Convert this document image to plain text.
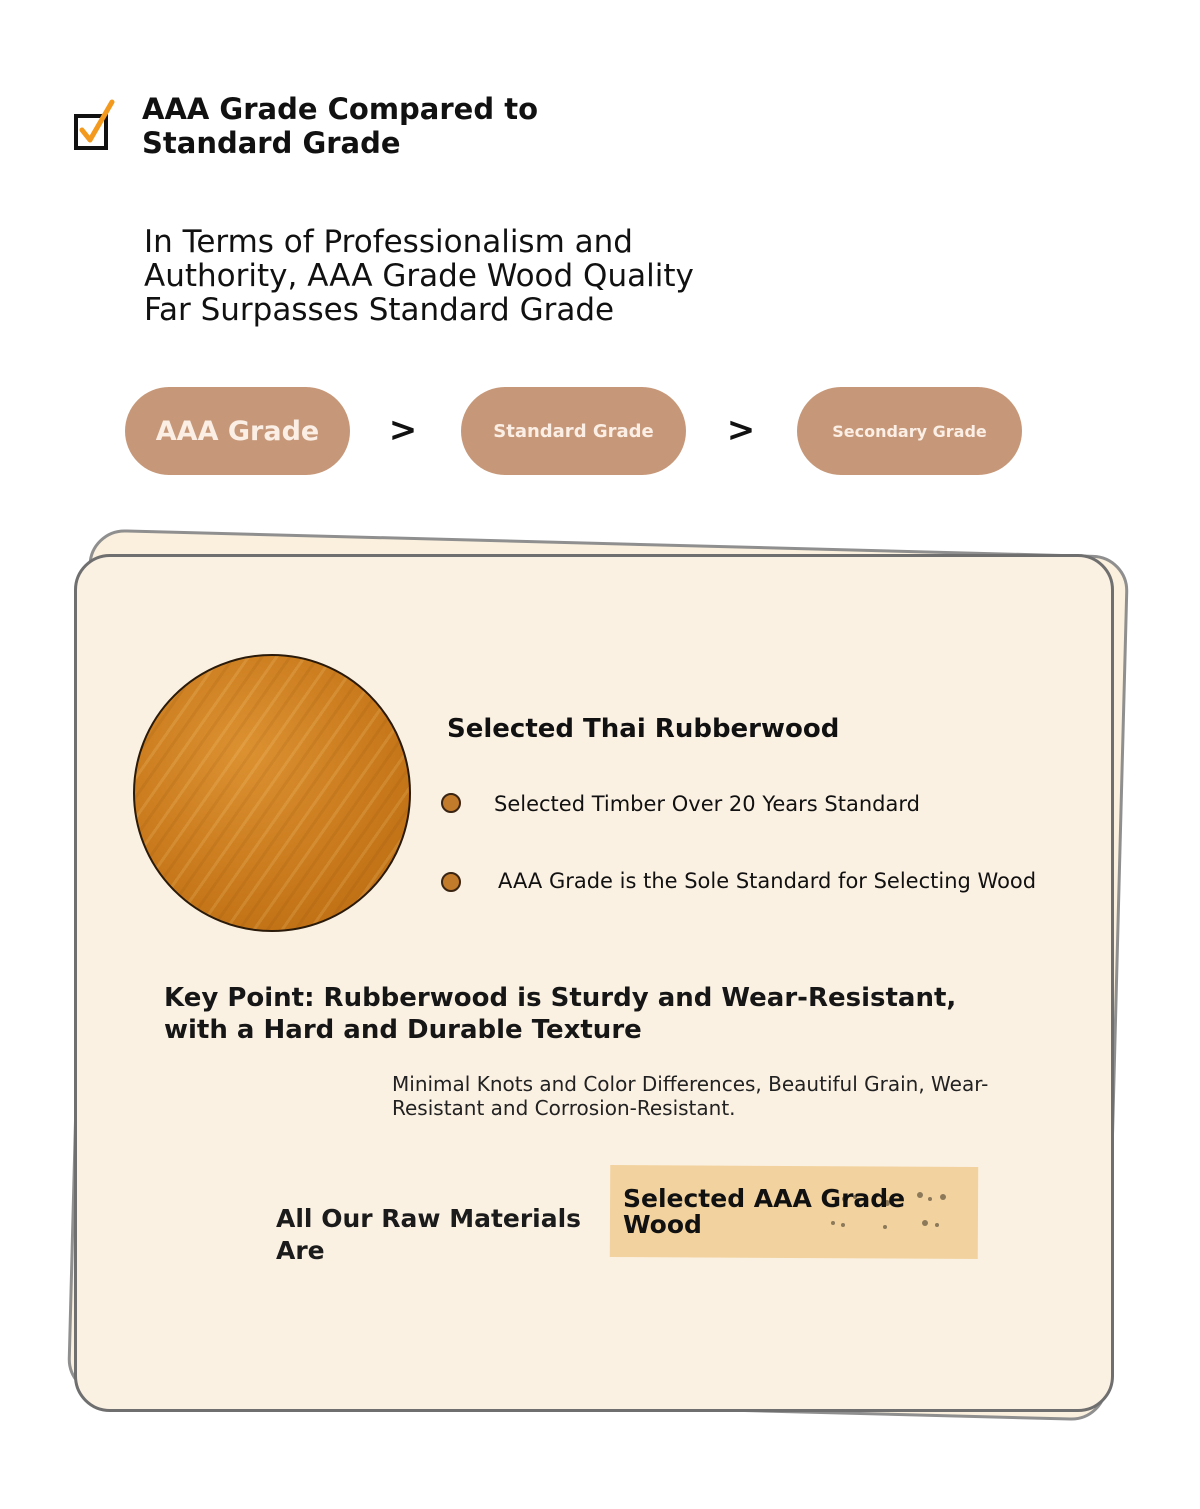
AAA Grade Compared to Standard Grade

In Terms of Professionalism and Authority, AAA Grade Wood Quality Far Surpasses Standard Grade

AAA Grade >	Standard Grade >	Secondary Grade
Selected Thai Rubberwood
Selected Timber Over 20 Years Standard
AAA Grade is the Sole Standard for Selecting Wood
Key Point: Rubberwood is Sturdy and Wear-Resistant, with a Hard and Durable Texture
Minimal Knots and Color Differences, Beautiful Grain, Wear-Resistant and Corrosion-Resistant.
All Our Raw Materials Are
Selected AAA Grade Wood
